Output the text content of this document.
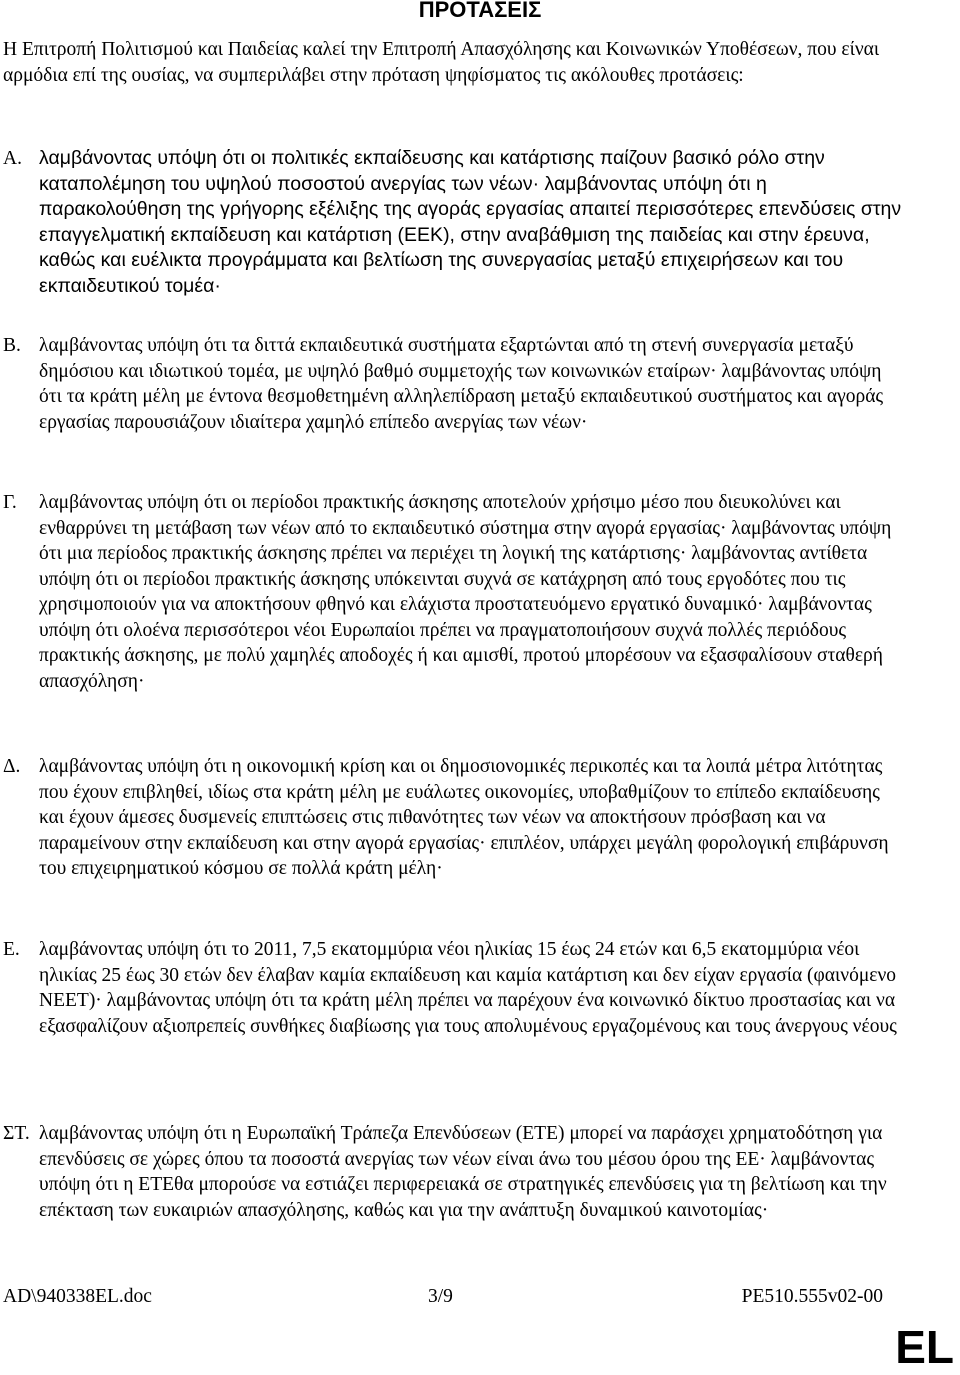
ΠΡΟΤΑΣΕΙΣ

Η Επιτροπή Πολιτισμού και Παιδείας καλεί την Επιτροπή Απασχόλησης και Κοινωνικών Υποθέσεων, που είναι αρμόδια επί της ουσίας, να συμπεριλάβει στην πρόταση ψηφίσματος τις ακόλουθες προτάσεις:

Α. λαμβάνοντας υπόψη ότι οι πολιτικές εκπαίδευσης και κατάρτισης παίζουν βασικό ρόλο στην καταπολέμηση του υψηλού ποσοστού ανεργίας των νέων· λαμβάνοντας υπόψη ότι η παρακολούθηση της γρήγορης εξέλιξης της αγοράς εργασίας απαιτεί περισσότερες επενδύσεις στην επαγγελματική εκπαίδευση και κατάρτιση (ΕΕΚ), στην αναβάθμιση της παιδείας και στην έρευνα, καθώς και ευέλικτα προγράμματα και βελτίωση της συνεργασίας μεταξύ επιχειρήσεων και του εκπαιδευτικού τομέα·

Β. λαμβάνοντας υπόψη ότι τα διττά εκπαιδευτικά συστήματα εξαρτώνται από τη στενή συνεργασία μεταξύ δημόσιου και ιδιωτικού τομέα, με υψηλό βαθμό συμμετοχής των κοινωνικών εταίρων· λαμβάνοντας υπόψη ότι τα κράτη μέλη με έντονα θεσμοθετημένη αλληλεπίδραση μεταξύ εκπαιδευτικού συστήματος και αγοράς εργασίας παρουσιάζουν ιδιαίτερα χαμηλό επίπεδο ανεργίας των νέων·

Γ. λαμβάνοντας υπόψη ότι οι περίοδοι πρακτικής άσκησης αποτελούν χρήσιμο μέσο που διευκολύνει και ενθαρρύνει τη μετάβαση των νέων από το εκπαιδευτικό σύστημα στην αγορά εργασίας· λαμβάνοντας υπόψη ότι μια περίοδος πρακτικής άσκησης πρέπει να περιέχει τη λογική της κατάρτισης· λαμβάνοντας αντίθετα υπόψη ότι οι περίοδοι πρακτικής άσκησης υπόκεινται συχνά σε κατάχρηση από τους εργοδότες που τις χρησιμοποιούν για να αποκτήσουν φθηνό και ελάχιστα προστατευόμενο εργατικό δυναμικό· λαμβάνοντας υπόψη ότι ολοένα περισσότεροι νέοι Ευρωπαίοι πρέπει να πραγματοποιήσουν συχνά πολλές περιόδους πρακτικής άσκησης, με πολύ χαμηλές αποδοχές ή και αμισθί, προτού μπορέσουν να εξασφαλίσουν σταθερή απασχόληση·

Δ. λαμβάνοντας υπόψη ότι η οικονομική κρίση και οι δημοσιονομικές περικοπές και τα λοιπά μέτρα λιτότητας που έχουν επιβληθεί, ιδίως στα κράτη μέλη με ευάλωτες οικονομίες, υποβαθμίζουν το επίπεδο εκπαίδευσης και έχουν άμεσες δυσμενείς επιπτώσεις στις πιθανότητες των νέων να αποκτήσουν πρόσβαση και να παραμείνουν στην εκπαίδευση και στην αγορά εργασίας· επιπλέον, υπάρχει μεγάλη φορολογική επιβάρυνση του επιχειρηματικού κόσμου σε πολλά κράτη μέλη·

Ε. λαμβάνοντας υπόψη ότι το 2011, 7,5 εκατομμύρια νέοι ηλικίας 15 έως 24 ετών και 6,5 εκατομμύρια νέοι ηλικίας 25 έως 30 ετών δεν έλαβαν καμία εκπαίδευση και καμία κατάρτιση και δεν είχαν εργασία (φαινόμενο NEET)· λαμβάνοντας υπόψη ότι τα κράτη μέλη πρέπει να παρέχουν ένα κοινωνικό δίκτυο προστασίας και να εξασφαλίζουν αξιοπρεπείς συνθήκες διαβίωσης για τους απολυμένους εργαζομένους και τους άνεργους νέους

ΣΤ. λαμβάνοντας υπόψη ότι η Ευρωπαϊκή Τράπεζα Επενδύσεων (ΕΤΕ) μπορεί να παράσχει χρηματοδότηση για επενδύσεις σε χώρες όπου τα ποσοστά ανεργίας των νέων είναι άνω του μέσου όρου της ΕΕ· λαμβάνοντας υπόψη ότι η ΕΤΕθα μπορούσε να εστιάζει περιφερειακά σε στρατηγικές επενδύσεις για τη βελτίωση και την επέκταση των ευκαιριών απασχόλησης, καθώς και για την ανάπτυξη δυναμικού καινοτομίας·

AD\940338EL.doc	3/9	PE510.555v02-00
EL
